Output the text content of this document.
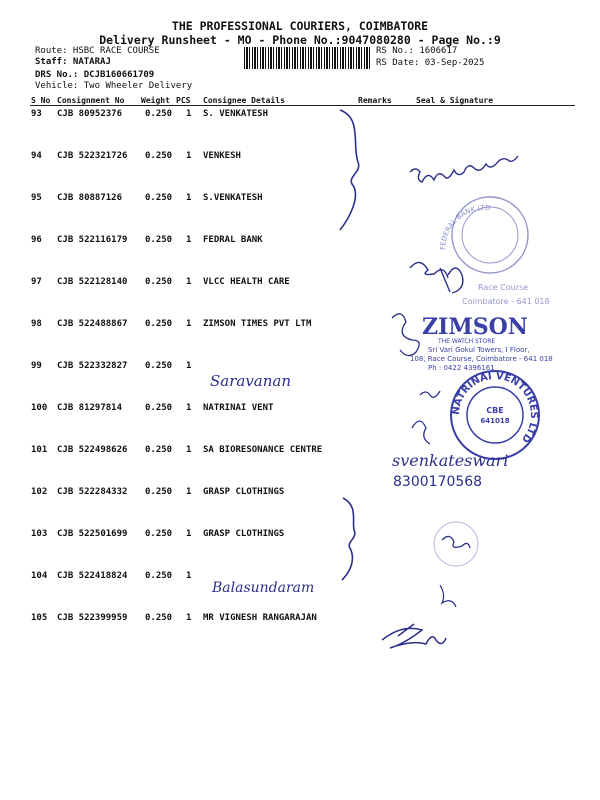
THE PROFESSIONAL COURIERS, COIMBATORE
Delivery Runsheet - MO - Phone No.:9047080280 - Page No.:9
Route: HSBC RACE COURSE
Staff: NATARAJ
DRS No.: DCJB160661709
Vehicle: Two Wheeler Delivery
RS No.: 1606617
RS Date: 03-Sep-2025
S No Consignment No Weight PCS Consignee Details	Remarks	Seal & Signature
93 CJB 80952376	0.250 1 S. VENKATESH
94 CJB 522321726 0.250 1 VENKESH
95 CJB 80887126	0.250 1 S.VENKATESH
96 CJB 522116179 0.250 1 FEDRAL BANK
97 CJB 522128140 0.250 1 VLCC HEALTH CARE
98 CJB 522488867 0.250 1 ZIMSON TIMES PVT LTM
99 CJB 522332827 0.250 1
100 CJB 81297814	0.250 1 NATRINAI VENT
101 CJB 522498626 0.250 1 SA BIORESONANCE CENTRE
102 CJB 522284332 0.250 1 GRASP CLOTHINGS
103 CJB 522501699 0.250 1 GRASP CLOTHINGS
104 CJB 522418824 0.250 1
105 CJB 522399959 0.250 1 MR VIGNESH RANGARAJAN
FEDERAL BANK LTD
Race Course
Coimbatore - 641 018
ZIMSON
THE WATCH STORE
Sri Vari Gokul Towers, I Floor,
108, Race Course, Coimbatore - 641 018
Ph : 0422 4396161
NATRINAI VENTURES LTD
CBE
641018
Saravanan
svenkateswari
8300170568
Balasundaram
